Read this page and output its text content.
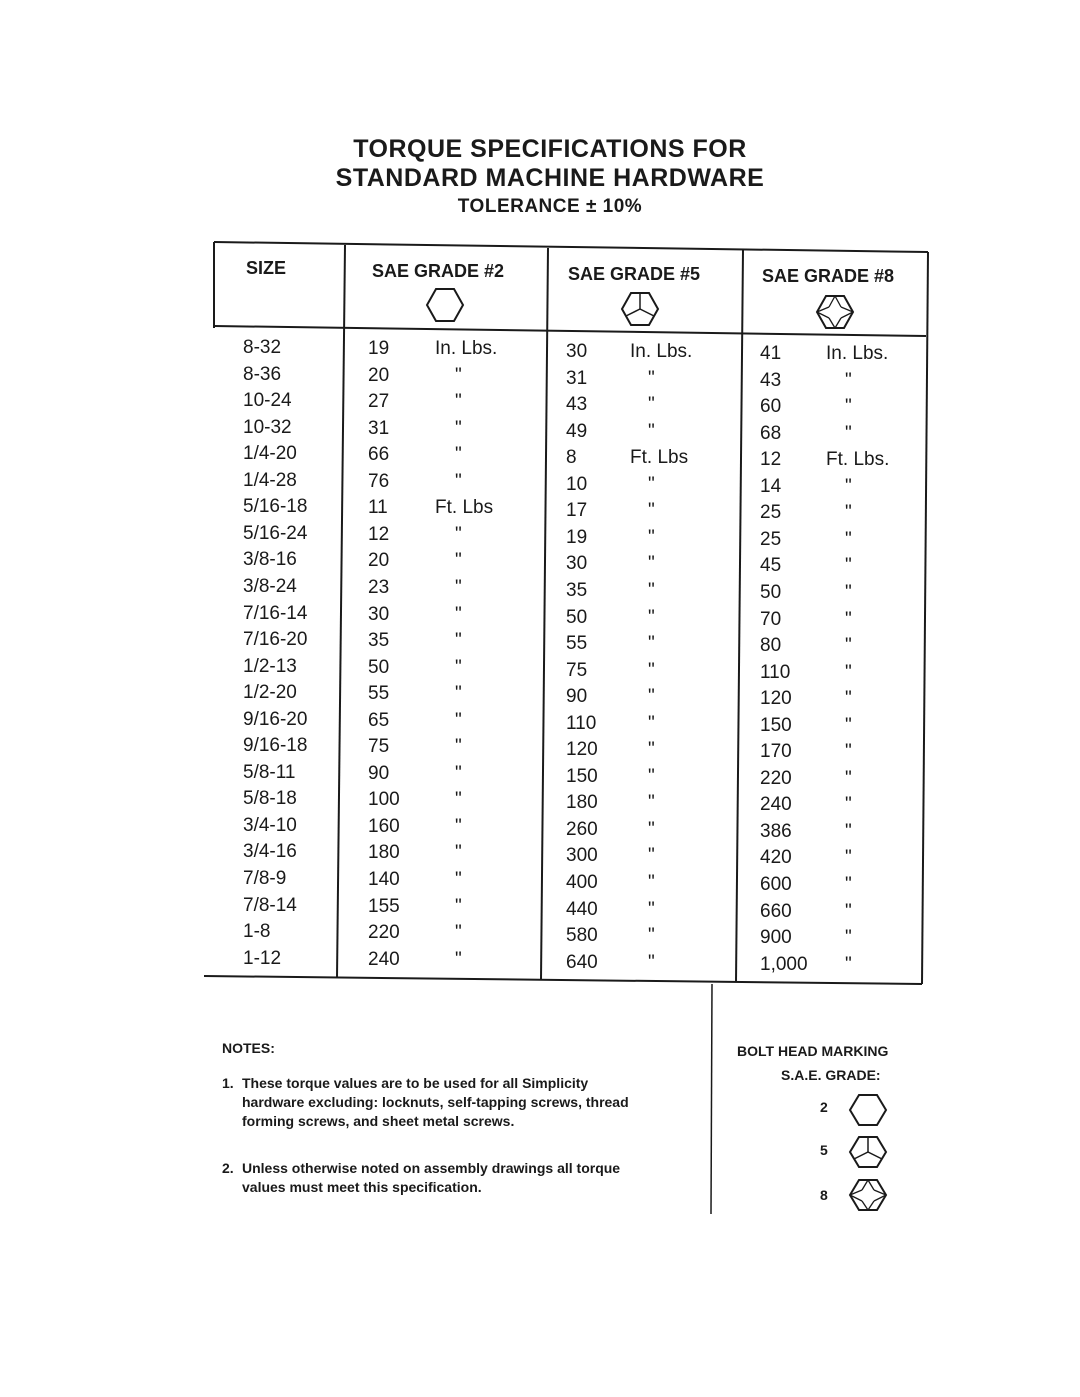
TORQUE SPECIFICATIONS FOR
STANDARD MACHINE HARDWARE
TOLERANCE ± 10%
SIZE	SAE GRADE #2	SAE GRADE #5	SAE GRADE #8
8-32	19 In. Lbs.	30 In. Lbs.	41 In. Lbs.
8-36	20	"	31	"	43	"
10-24	27	"	43	"	60	"
10-32	31	"	49	"	68	"
1/4-20	66	"	8	Ft. Lbs	12 Ft. Lbs.
1/4-28	76	"	10	"	14	"
5/16-18	11 Ft. Lbs	17	"	25	"
5/16-24	12	"	19	"	25	"
3/8-16	20	"	30	"	45	"
3/8-24	23	"	35	"	50	"
7/16-14	30	"	50	"	70	"
7/16-20	35	"	55	"	80	"
1/2-13	50	"	75	"	110	"
1/2-20	55	"	90	"	120	"
9/16-20	65	"	110	"	150	"
9/16-18	75	"	120	"	170	"
5/8-11	90	"	150	"	220	"
5/8-18	100	"	180	"	240	"
3/4-10	160	"	260	"	386	"
3/4-16	180	"	300	"	420	"
7/8-9	140	"	400	"	600	"
7/8-14	155	"	440	"	660	"
1-8	220	"	580	"	900	"
1-12	240	"	640	"	1,000 "
NOTES:
1. These torque values are to be used for all Simplicity
hardware excluding: locknuts, self-tapping screws, thread
forming screws, and sheet metal screws.
2. Unless otherwise noted on assembly drawings all torque
values must meet this specification.
BOLT HEAD MARKING
S.A.E. GRADE:
2
5
8
